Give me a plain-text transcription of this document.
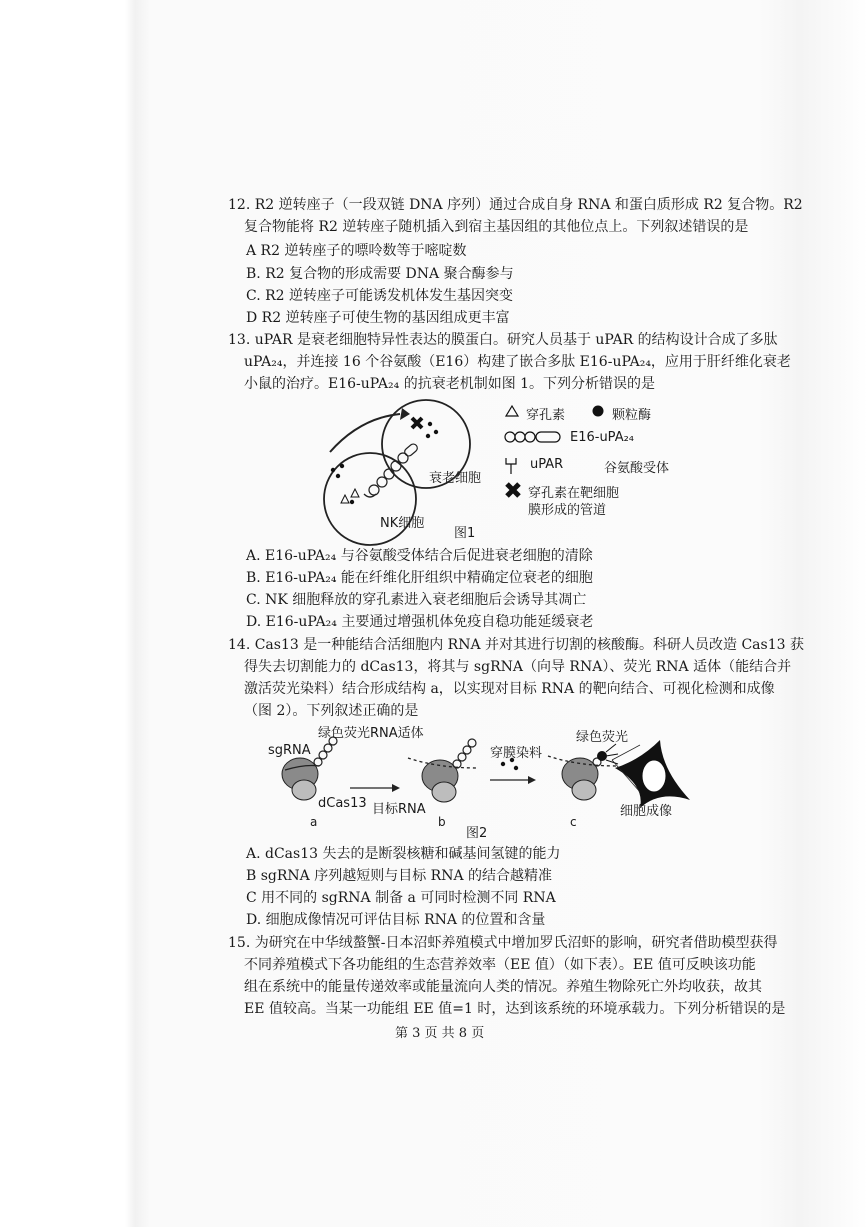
12. R2 逆转座子（一段双链 DNA 序列）通过合成自身 RNA 和蛋白质形成 R2 复合物。R2
复合物能将 R2 逆转座子随机插入到宿主基因组的其他位点上。下列叙述错误的是
A R2 逆转座子的嘌呤数等于嘧啶数
B. R2 复合物的形成需要 DNA 聚合酶参与
C. R2 逆转座子可能诱发机体发生基因突变
D R2 逆转座子可使生物的基因组成更丰富
13. uPAR 是衰老细胞特异性表达的膜蛋白。研究人员基于 uPAR 的结构设计合成了多肽
uPA₂₄，并连接 16 个谷氨酸（E16）构建了嵌合多肽 E16-uPA₂₄，应用于肝纤维化衰老
小鼠的治疗。E16-uPA₂₄ 的抗衰老机制如图 1。下列分析错误的是
衰老细胞
NK细胞
图1
穿孔素	颗粒酶
E16-uPA₂₄
uPAR	谷氨酸受体
穿孔素在靶细胞
膜形成的管道
A. E16-uPA₂₄ 与谷氨酸受体结合后促进衰老细胞的清除
B. E16-uPA₂₄ 能在纤维化肝组织中精确定位衰老的细胞
C. NK 细胞释放的穿孔素进入衰老细胞后会诱导其凋亡
D. E16-uPA₂₄ 主要通过增强机体免疫自稳功能延缓衰老
14. Cas13 是一种能结合活细胞内 RNA 并对其进行切割的核酸酶。科研人员改造 Cas13 获
得失去切割能力的 dCas13，将其与 sgRNA（向导 RNA）、荧光 RNA 适体（能结合并
激活荧光染料）结合形成结构 a，以实现对目标 RNA 的靶向结合、可视化检测和成像
（图 2）。下列叙述正确的是
绿色荧光RNA适体
sgRNA
dCas13 目标RNA
穿膜染料
绿色荧光
细胞成像
a	b	c
图2
A. dCas13 失去的是断裂核糖和碱基间氢键的能力
B sgRNA 序列越短则与目标 RNA 的结合越精准
C 用不同的 sgRNA 制备 a 可同时检测不同 RNA
D. 细胞成像情况可评估目标 RNA 的位置和含量
15. 为研究在中华绒螯蟹-日本沼虾养殖模式中增加罗氏沼虾的影响，研究者借助模型获得
不同养殖模式下各功能组的生态营养效率（EE 值）（如下表）。EE 值可反映该功能
组在系统中的能量传递效率或能量流向人类的情况。养殖生物除死亡外均收获，故其
EE 值较高。当某一功能组 EE 值=1 时，达到该系统的环境承载力。下列分析错误的是
第 3 页 共 8 页
